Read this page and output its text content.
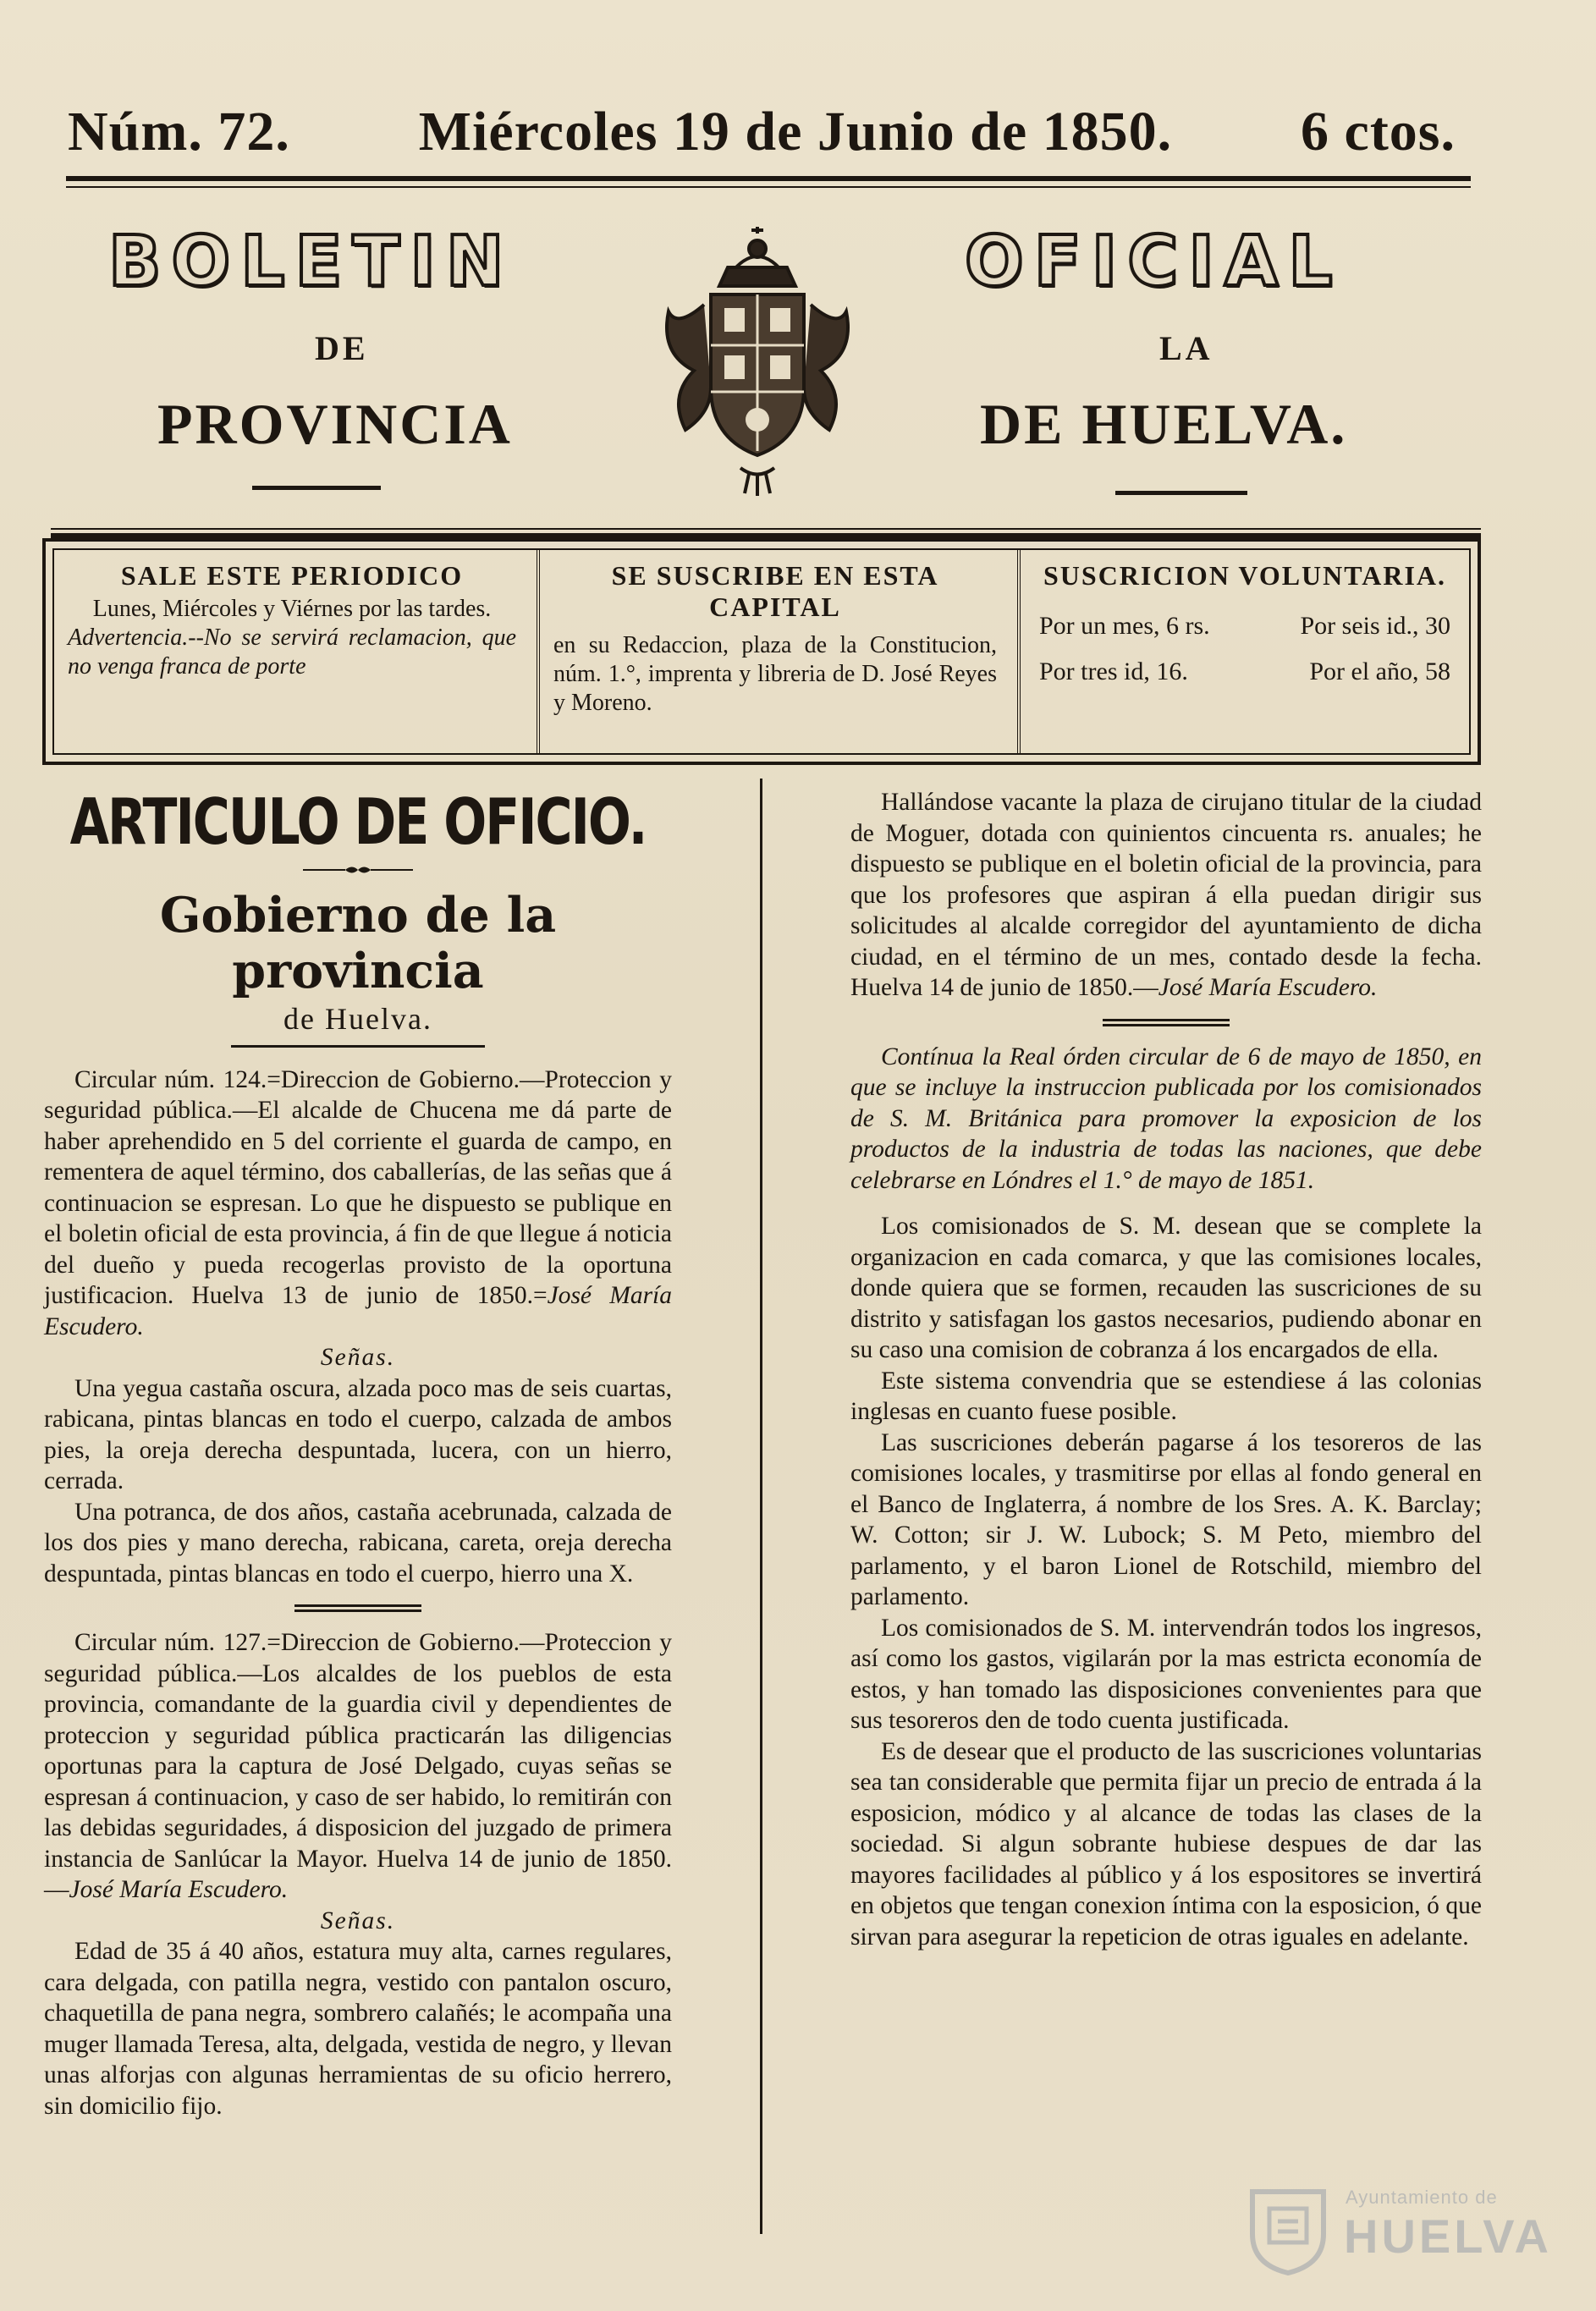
Núm. 72. Miércoles 19 de Junio de 1850. 6 ctos.
BOLETIN
DE
PROVINCIA
OFICIAL
LA
DE HUELVA.
SALE ESTE PERIODICO
Lunes, Miércoles y Viérnes por las tardes.
Advertencia.--No se servirá reclamacion, que no venga franca de porte
SE SUSCRIBE EN ESTA CAPITAL
en su Redaccion, plaza de la Constitucion, núm. 1.°, imprenta y libreria de D. José Reyes y Moreno.
SUSCRICION VOLUNTARIA.
Por un mes, 6 rs.	Por seis id., 30
Por tres id, 16.	Por el año, 58
ARTICULO DE OFICIO.
Gobierno de la provincia
de Huelva.

Circular núm. 124.=Direccion de Gobierno.—Proteccion y seguridad pública.—El alcalde de Chucena me dá parte de haber aprehendido en 5 del corriente el guarda de campo, en rementera de aquel término, dos caballerías, de las señas que á continuacion se espresan. Lo que he dispuesto se publique en el boletin oficial de esta provincia, á fin de que llegue á noticia del dueño y pueda recogerlas provisto de la oportuna justificacion. Huelva 13 de junio de 1850.=José María Escudero.

Señas.

Una yegua castaña oscura, alzada poco mas de seis cuartas, rabicana, pintas blancas en todo el cuerpo, calzada de ambos pies, la oreja derecha despuntada, lucera, con un hierro, cerrada.

Una potranca, de dos años, castaña acebrunada, calzada de los dos pies y mano derecha, rabicana, careta, oreja derecha despuntada, pintas blancas en todo el cuerpo, hierro una X.

Circular núm. 127.=Direccion de Gobierno.—Proteccion y seguridad pública.—Los alcaldes de los pueblos de esta provincia, comandante de la guardia civil y dependientes de proteccion y seguridad pública practicarán las diligencias oportunas para la captura de José Delgado, cuyas señas se espresan á continuacion, y caso de ser habido, lo remitirán con las debidas seguridades, á disposicion del juzgado de primera instancia de Sanlúcar la Mayor. Huelva 14 de junio de 1850.—José María Escudero.

Señas.

Edad de 35 á 40 años, estatura muy alta, carnes regulares, cara delgada, con patilla negra, vestido con pantalon oscuro, chaquetilla de pana negra, sombrero calañés; le acompaña una muger llamada Teresa, alta, delgada, vestida de negro, y llevan unas alforjas con algunas herramientas de su oficio herrero, sin domicilio fijo.

Hallándose vacante la plaza de cirujano titular de la ciudad de Moguer, dotada con quinientos cincuenta rs. anuales; he dispuesto se publique en el boletin oficial de la provincia, para que los profesores que aspiran á ella puedan dirigir sus solicitudes al alcalde corregidor del ayuntamiento de dicha ciudad, en el término de un mes, contado desde la fecha. Huelva 14 de junio de 1850.—José María Escudero.

Contínua la Real órden circular de 6 de mayo de 1850, en que se incluye la instruccion publicada por los comisionados de S. M. Británica para promover la exposicion de los productos de la industria de todas las naciones, que debe celebrarse en Lóndres el 1.° de mayo de 1851.

Los comisionados de S. M. desean que se complete la organizacion en cada comarca, y que las comisiones locales, donde quiera que se formen, recauden las suscriciones de su distrito y satisfagan los gastos necesarios, pudiendo abonar en su caso una comision de cobranza á los encargados de ella.

Este sistema convendria que se estendiese á las colonias inglesas en cuanto fuese posible.

Las suscriciones deberán pagarse á los tesoreros de las comisiones locales, y trasmitirse por ellas al fondo general en el Banco de Inglaterra, á nombre de los Sres. A. K. Barclay; W. Cotton; sir J. W. Lubock; S. M Peto, miembro del parlamento, y el baron Lionel de Rotschild, miembro del parlamento.

Los comisionados de S. M. intervendrán todos los ingresos, así como los gastos, vigilarán por la mas estricta economía de estos, y han tomado las disposiciones convenientes para que sus tesoreros den de todo cuenta justificada.

Es de desear que el producto de las suscriciones voluntarias sea tan considerable que permita fijar un precio de entrada á la esposicion, módico y al alcance de todas las clases de la sociedad. Si algun sobrante hubiese despues de dar las mayores facilidades al público y á los espositores se invertirá en objetos que tengan conexion íntima con la esposicion, ó que sirvan para asegurar la repeticion de otras iguales en adelante.

Ayuntamiento de
HUELVA
